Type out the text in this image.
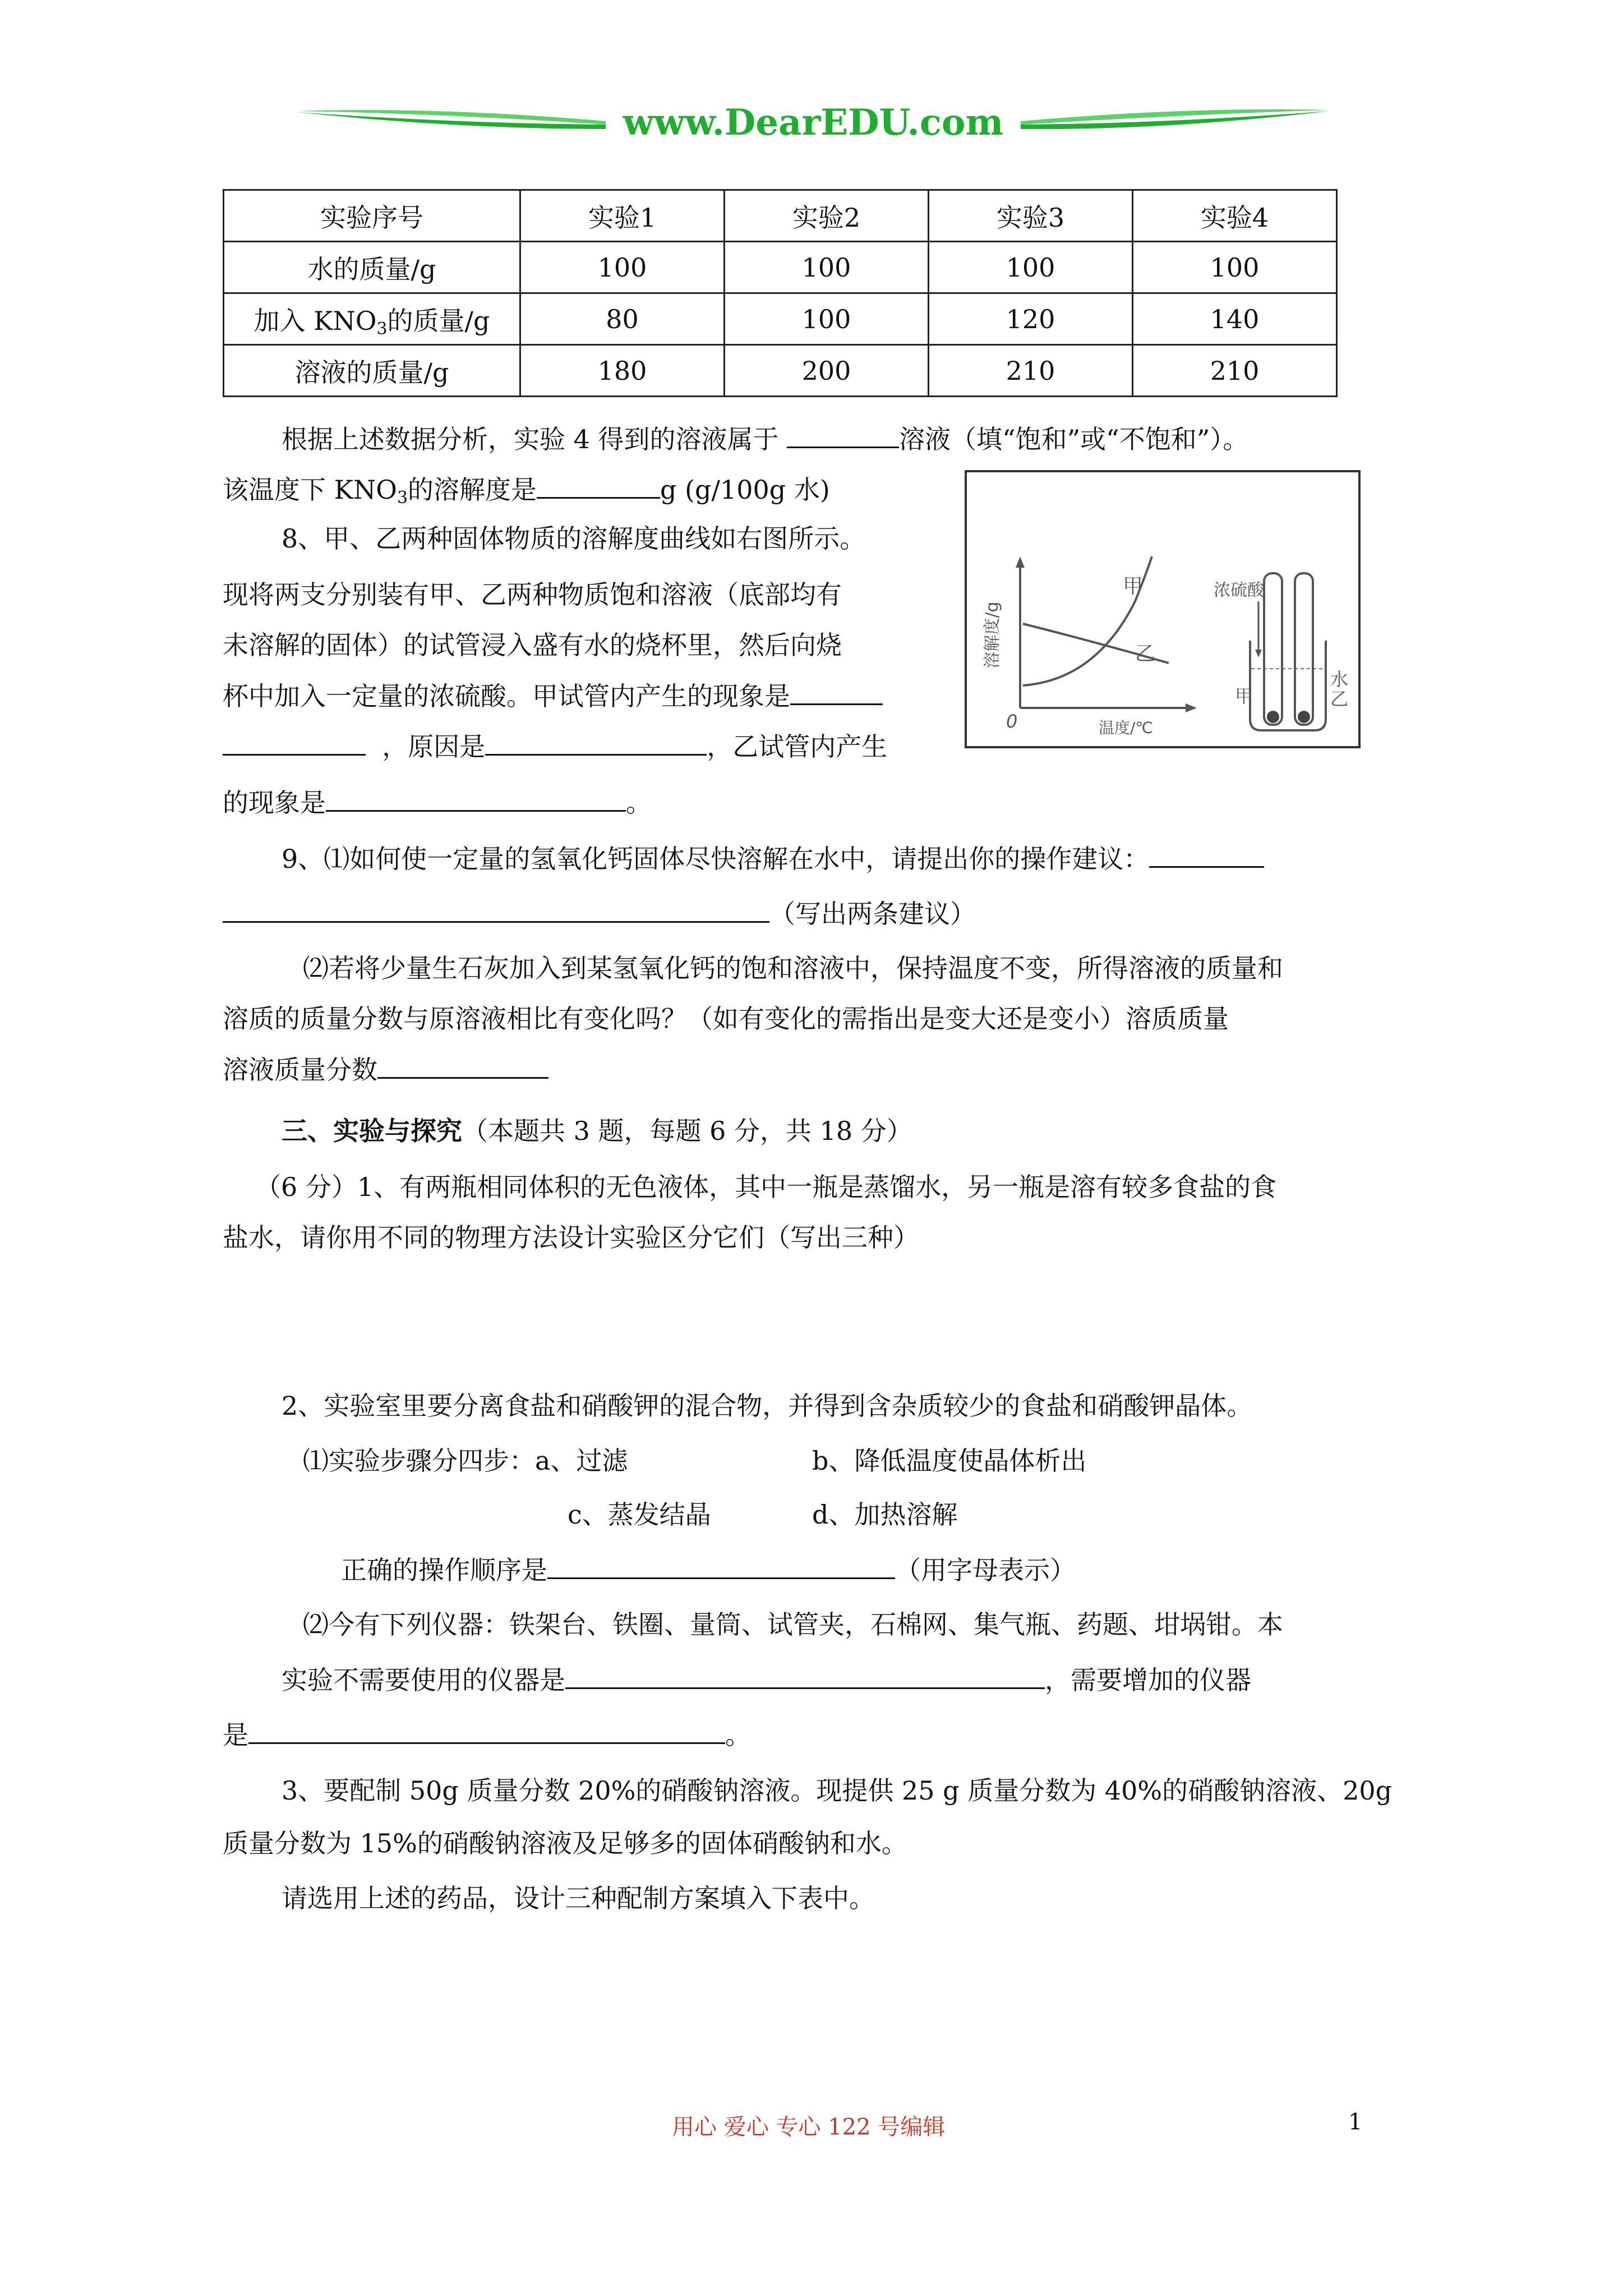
www.DearEDU.com
实验序号	实验1	实验2	实验3	实验4
水的质量/g	100	100	100	100
加入 $KNO_3$的质量/g	80	100	120	140
溶液的质量/g	180	200	210	210
根据上述数据分析，实验 4 得到的溶液属于	溶液（填“饱和”或“不饱和”）。
该温度下 $KNO_3$的溶解度是	g (g/100g 水)
8、甲、乙两种固体物质的溶解度曲线如右图所示。
现将两支分别装有甲、乙两种物质饱和溶液（底部均有
未溶解的固体）的试管浸入盛有水的烧杯里，然后向烧
杯中加入一定量的浓硫酸。甲试管内产生的现象是
，原因是	，乙试管内产生
的现象是	。
溶解度/g
温度/℃
0
甲
乙
浓硫酸
水
甲	乙
9、⑴如何使一定量的氢氧化钙固体尽快溶解在水中，请提出你的操作建议：
（写出两条建议）
⑵若将少量生石灰加入到某氢氧化钙的饱和溶液中，保持温度不变，所得溶液的质量和
溶质的质量分数与原溶液相比有变化吗？（如有变化的需指出是变大还是变小）溶质质量
溶液质量分数
三、实验与探究（本题共 3 题，每题 6 分，共 18 分）
（6 分）1、有两瓶相同体积的无色液体，其中一瓶是蒸馏水，另一瓶是溶有较多食盐的食
盐水，请你用不同的物理方法设计实验区分它们（写出三种）
2、实验室里要分离食盐和硝酸钾的混合物，并得到含杂质较少的食盐和硝酸钾晶体。
⑴实验步骤分四步：a、过滤	b、降低温度使晶体析出
c、蒸发结晶	d、加热溶解
正确的操作顺序是	（用字母表示）
⑵今有下列仪器：铁架台、铁圈、量筒、试管夹，石棉网、集气瓶、药题、坩埚钳。本
实验不需要使用的仪器是	，需要增加的仪器
是	。
3、要配制 50g 质量分数 20%的硝酸钠溶液。现提供 25 g 质量分数为 40%的硝酸钠溶液、20g
质量分数为 15%的硝酸钠溶液及足够多的固体硝酸钠和水。
请选用上述的药品，设计三种配制方案填入下表中。
用心 爱心 专心 122 号编辑	1
